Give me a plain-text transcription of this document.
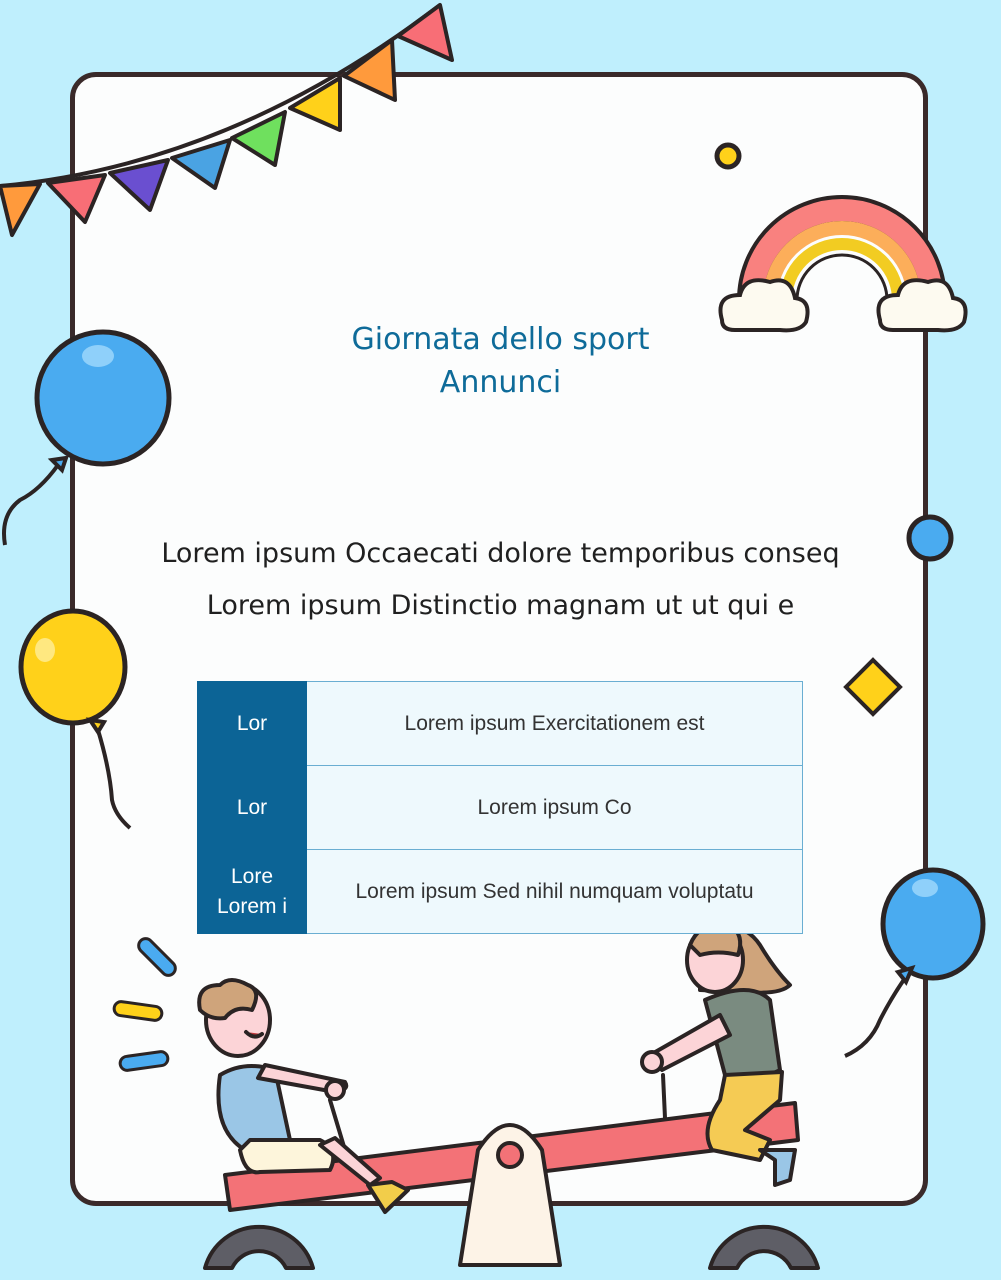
Giornata dello sport
Annunci
Lorem ipsum Occaecati dolore temporibus conseq
Lorem ipsum Distinctio magnam ut ut qui e
Lor	Lorem ipsum Exercitationem est
Lor	Lorem ipsum Co

Lore
Lorem i	Lorem ipsum Sed nihil numquam voluptatu
